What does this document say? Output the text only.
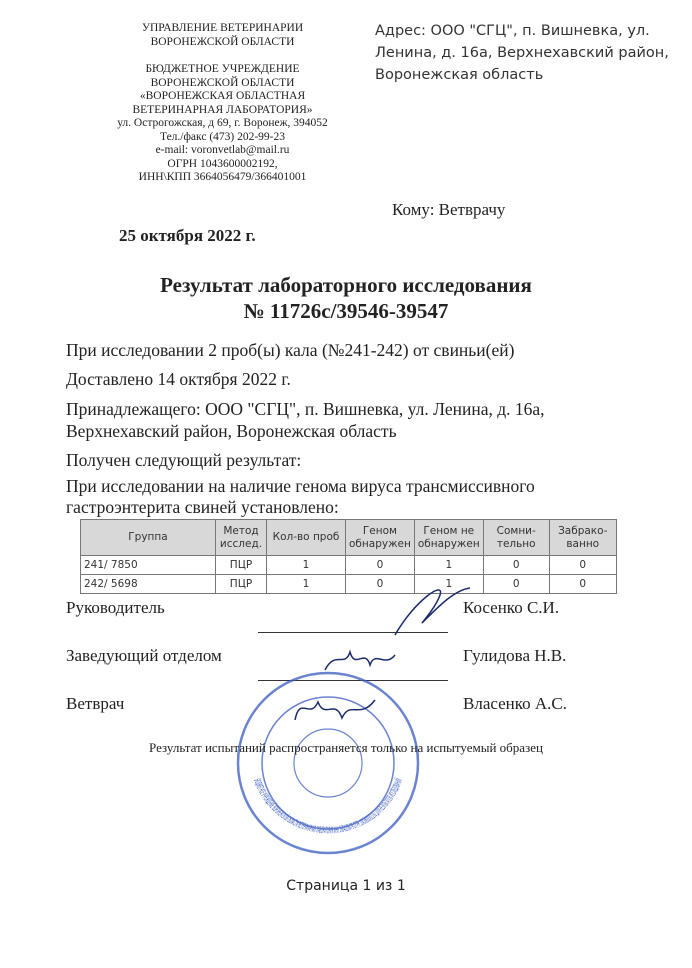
УПРАВЛЕНИЕ ВЕТЕРИНАРИИ
ВОРОНЕЖСКОЙ ОБЛАСТИ
БЮДЖЕТНОЕ УЧРЕЖДЕНИЕ
ВОРОНЕЖСКОЙ ОБЛАСТИ
«ВОРОНЕЖСКАЯ ОБЛАСТНАЯ
ВЕТЕРИНАРНАЯ ЛАБОРАТОРИЯ»
ул. Острогожская, д 69, г. Воронеж, 394052
Тел./факс (473) 202-99-23
e-mail: voronvetlab@mail.ru
ОГРН 1043600002192,
ИНН\КПП 3664056479/366401001
Адрес: ООО "СГЦ", п. Вишневка, ул. Ленина, д. 16а, Верхнехавский район, Воронежская область
Кому: Ветврачу
25 октября 2022 г.
Результат лабораторного исследования
№ 11726с/39546-39547
При исследовании 2 проб(ы) кала (№241-242) от свиньи(ей)
Доставлено 14 октября 2022 г.
Принадлежащего: ООО "СГЦ", п. Вишневка, ул. Ленина, д. 16а,
Верхнехавский район, Воронежская область
Получен следующий результат:
При исследовании на наличие генома вируса трансмиссивного
гастроэнтерита свиней установлено:
Группа	Метод исслед.	Кол-во проб	Геном обнаружен	Геном не обнаружен	Сомни-тельно	Забрако-ванно
241/ 7850	ПЦР	1	0	1	0	0
242/ 5698	ПЦР	1	0	1	0	0
Руководитель	Косенко С.И.
Заведующий отделом	Гулидова Н.В.
Ветврач	Власенко А.С.
БЮДЖЕТНОЕ УЧРЕЖДЕНИЕ ВОРОНЕЖСКОЙ ОБЛАСТИ ВЕТЕРИНАРНАЯ ЛАБОРАТОРИЯ ИНН 3664056479 ОГРН 1043600002192 ДЛЯ РЕЗУЛЬТАТОВ ИССЛЕДОВАНИЙ
Результат испытаний распространяется только на испытуемый образец
Страница 1 из 1
